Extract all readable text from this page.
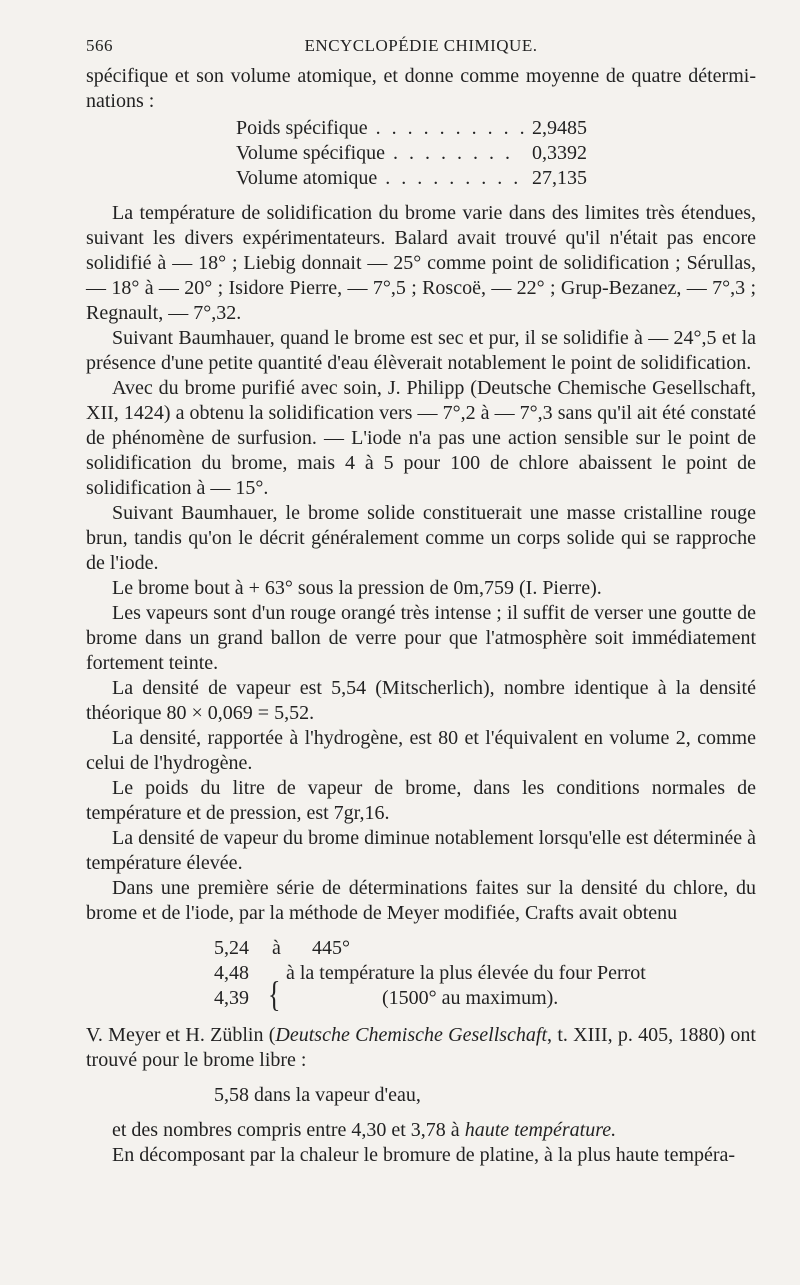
566	ENCYCLOPÉDIE CHIMIQUE.

spécifique et son volume atomique, et donne comme moyenne de quatre détermi-nations :

Poids spécifique . . . . . . . . . .	2,9485
Volume spécifique . . . . . . . .	0,3392
Volume atomique . . . . . . . . .	27,135

La température de solidification du brome varie dans des limites très étendues, suivant les divers expérimentateurs. Balard avait trouvé qu'il n'était pas encore solidifié à — 18° ; Liebig donnait — 25° comme point de solidification ; Sérullas, — 18° à — 20° ; Isidore Pierre, — 7°,5 ; Roscoë, — 22° ; Grup-Bezanez, — 7°,3 ; Regnault, — 7°,32.

Suivant Baumhauer, quand le brome est sec et pur, il se solidifie à — 24°,5 et la présence d'une petite quantité d'eau élèverait notablement le point de solidification.

Avec du brome purifié avec soin, J. Philipp (Deutsche Chemische Gesellschaft, XII, 1424) a obtenu la solidification vers — 7°,2 à — 7°,3 sans qu'il ait été constaté de phénomène de surfusion. — L'iode n'a pas une action sensible sur le point de solidification du brome, mais 4 à 5 pour 100 de chlore abaissent le point de solidification à — 15°.

Suivant Baumhauer, le brome solide constituerait une masse cristalline rouge brun, tandis qu'on le décrit généralement comme un corps solide qui se rapproche de l'iode.

Le brome bout à + 63° sous la pression de 0m,759 (I. Pierre).

Les vapeurs sont d'un rouge orangé très intense ; il suffit de verser une goutte de brome dans un grand ballon de verre pour que l'atmosphère soit immédiatement fortement teinte.

La densité de vapeur est 5,54 (Mitscherlich), nombre identique à la densité théorique 80 × 0,069 = 5,52.

La densité, rapportée à l'hydrogène, est 80 et l'équivalent en volume 2, comme celui de l'hydrogène.

Le poids du litre de vapeur de brome, dans les conditions normales de température et de pression, est 7gr,16.

La densité de vapeur du brome diminue notablement lorsqu'elle est déterminée à température élevée.

Dans une première série de déterminations faites sur la densité du chlore, du brome et de l'iode, par la méthode de Meyer modifiée, Crafts avait obtenu

5,24 à 445°
4,48 à la température la plus élevée du four Perrot
4,39	(1500° au maximum).
{

V. Meyer et H. Züblin (Deutsche Chemische Gesellschaft, t. XIII, p. 405, 1880) ont trouvé pour le brome libre :

5,58 dans la vapeur d'eau,

et des nombres compris entre 4,30 et 3,78 à haute température.

En décomposant par la chaleur le bromure de platine, à la plus haute tempéra-
